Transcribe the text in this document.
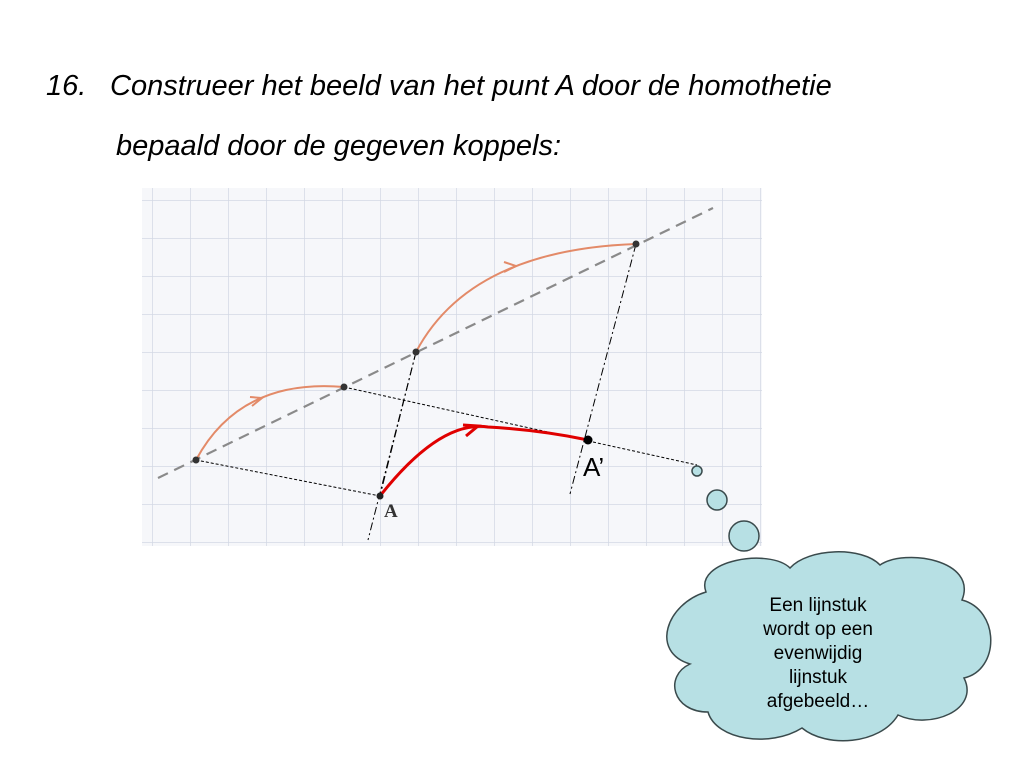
16. Construeer het beeld van het punt A door de homothetie
bepaald door de gegeven koppels:
A
A’
Een lijnstuk
wordt op een
evenwijdig
lijnstuk
afgebeeld…
